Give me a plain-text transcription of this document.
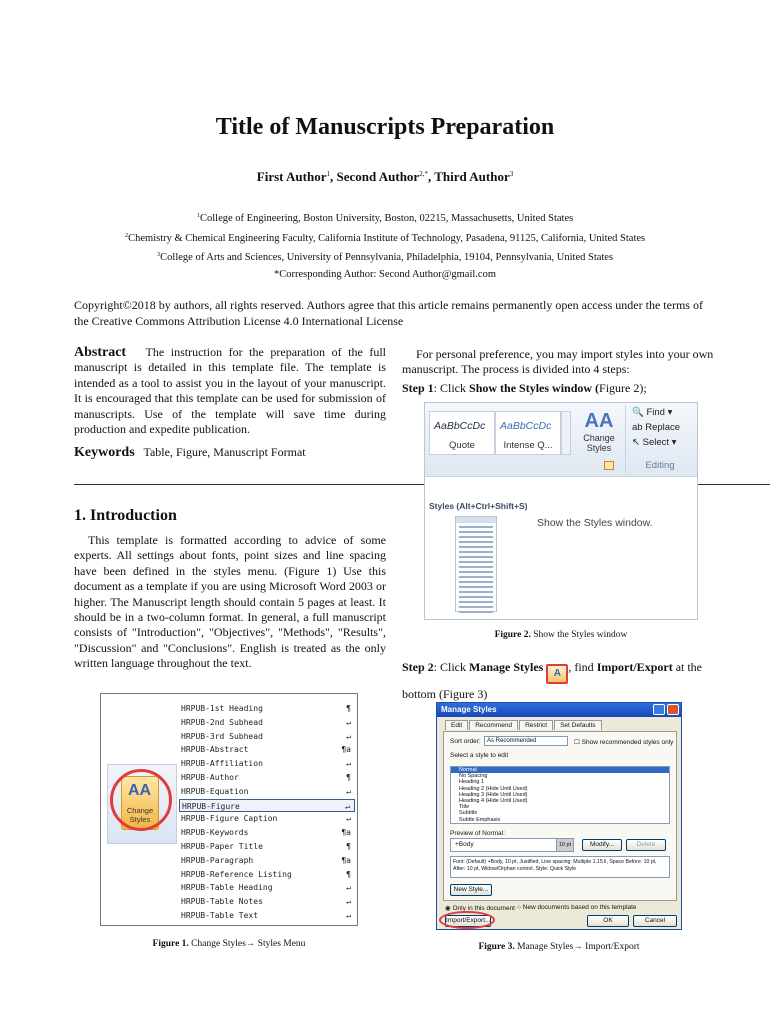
Title of Manuscripts Preparation
First Author$^1$, Second Author$^{2,*}$, Third Author$^3$
$^1$College of Engineering, Boston University, Boston, 02215, Massachusetts, United States
$^2$Chemistry & Chemical Engineering Faculty, California Institute of Technology, Pasadena, 91125, California, United States
$^3$College of Arts and Sciences, University of Pennsylvania, Philadelphia, 19104, Pennsylvania, United States
*Corresponding Author: Second Author@gmail.com
Copyright©2018 by authors, all rights reserved. Authors agree that this article remains permanently open access under the terms of the Creative Commons Attribution License 4.0 International License
Abstract The instruction for the preparation of the full manuscript is detailed in this template file. The template is intended as a tool to assist you in the layout of your manuscript. It is encouraged that this template can be used for submission of manuscripts. Use of the template will save time during production and expedite publication.
Keywords Table, Figure, Manuscript Format
1. Introduction
This template is formatted according to advice of some experts. All settings about fonts, point sizes and line spacing have been defined in the styles menu. (Figure 1) Use this document as a template if you are using Microsoft Word 2003 or higher. The Manuscript length should contain 5 pages at least. It should be in a two-column format. In general, a full manuscript consists of "Introduction", "Objectives", "Methods", "Results", "Discussion" and "Conclusions". English is treated as the only written language throughout the text.
AA
Change Styles
HRPUB-1st Heading	¶
HRPUB-2nd Subhead	↵
HRPUB-3rd Subhead	↵
HRPUB-Abstract	¶a
HRPUB-Affiliation	↵
HRPUB-Author	¶
HRPUB-Equation	↵
HRPUB-Figure	↵
HRPUB-Figure Caption	↵
HRPUB-Keywords	¶a
HRPUB-Paper Title	¶
HRPUB-Paragraph	¶a
HRPUB-Reference Listing	¶
HRPUB-Table Heading	↵
HRPUB-Table Notes	↵
HRPUB-Table Text	↵
Figure 1. Change Styles→ Styles Menu
For personal preference, you may import styles into your own manuscript. The process is divided into 4 steps:
Step 1: Click Show the Styles window (Figure 2);
AaBbCcDc
Quote
AaBbCcDc
Intense Q...
AA
Change Styles
🔍 Find ▾
ab Replace
↖ Select ▾
Editing
Styles (Alt+Ctrl+Shift+S)
Show the Styles window.
Figure 2. Show the Styles window
Step 2: Click Manage Styles A , find Import/Export at the bottom (Figure 3)
Manage Styles
Edit Recommend Restrict Set Defaults
Sort order:	As Recommended	☐ Show recommended styles only
Select a style to edit
Normal
No Spacing
Heading 1
Heading 2 (Hide Until Used)
Heading 3 (Hide Until Used)
Heading 4 (Hide Until Used)
Title
Subtitle
Subtle Emphasis
Preview of Normal:
+Body	10 pt	Modify...	Delete
Font: (Default) +Body, 10 pt, Justified, Line spacing: Multiple 1.15 li, Space Before: 10 pt, After: 10 pt, Widow/Orphan control, Style: Quick Style
New Style...
◉ Only in this document ○ New documents based on this template
Import/Export...	OK	Cancel
Figure 3. Manage Styles→ Import/Export
